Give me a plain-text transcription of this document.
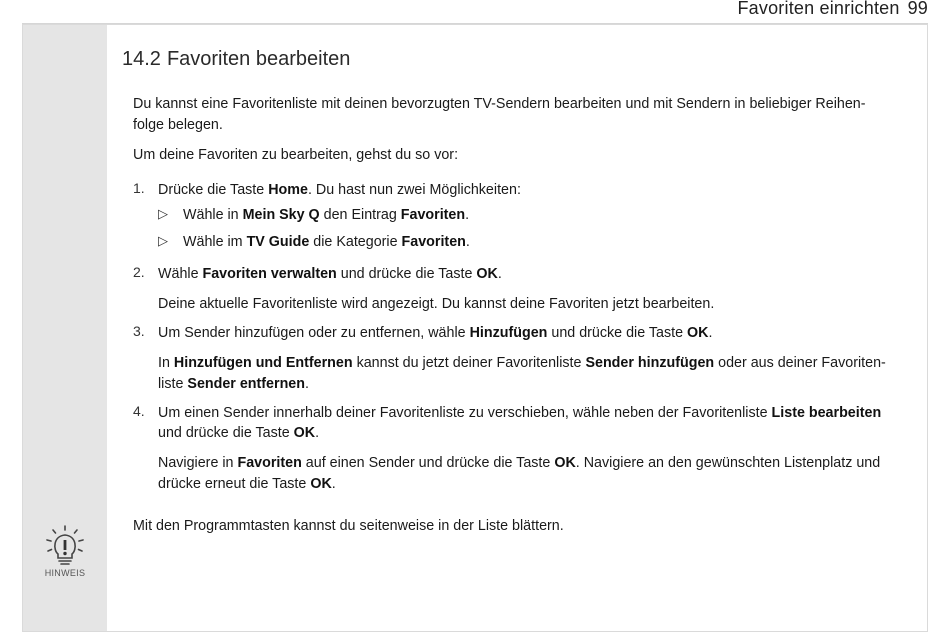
Favoriten einrichten 99
HINWEIS
14.2 Favoriten bearbeiten

Du kannst eine Favoritenliste mit deinen bevorzugten TV-Sendern bearbeiten und mit Sendern in beliebiger Reihen-

folge belegen.

Um deine Favoriten zu bearbeiten, gehst du so vor:

1. Drücke die Taste Home. Du hast nun zwei Möglichkeiten:

▷ Wähle in Mein Sky Q den Eintrag Favoriten.

▷ Wähle im TV Guide die Kategorie Favoriten.

2. Wähle Favoriten verwalten und drücke die Taste OK.

Deine aktuelle Favoritenliste wird angezeigt. Du kannst deine Favoriten jetzt bearbeiten.

3. Um Sender hinzufügen oder zu entfernen, wähle Hinzufügen und drücke die Taste OK.

In Hinzufügen und Entfernen kannst du jetzt deiner Favoritenliste Sender hinzufügen oder aus deiner Favoriten-

liste Sender entfernen.

4. Um einen Sender innerhalb deiner Favoritenliste zu verschieben, wähle neben der Favoritenliste Liste bearbeiten

und drücke die Taste OK.

Navigiere in Favoriten auf einen Sender und drücke die Taste OK. Navigiere an den gewünschten Listenplatz und

drücke erneut die Taste OK.

Mit den Programmtasten kannst du seitenweise in der Liste blättern.
